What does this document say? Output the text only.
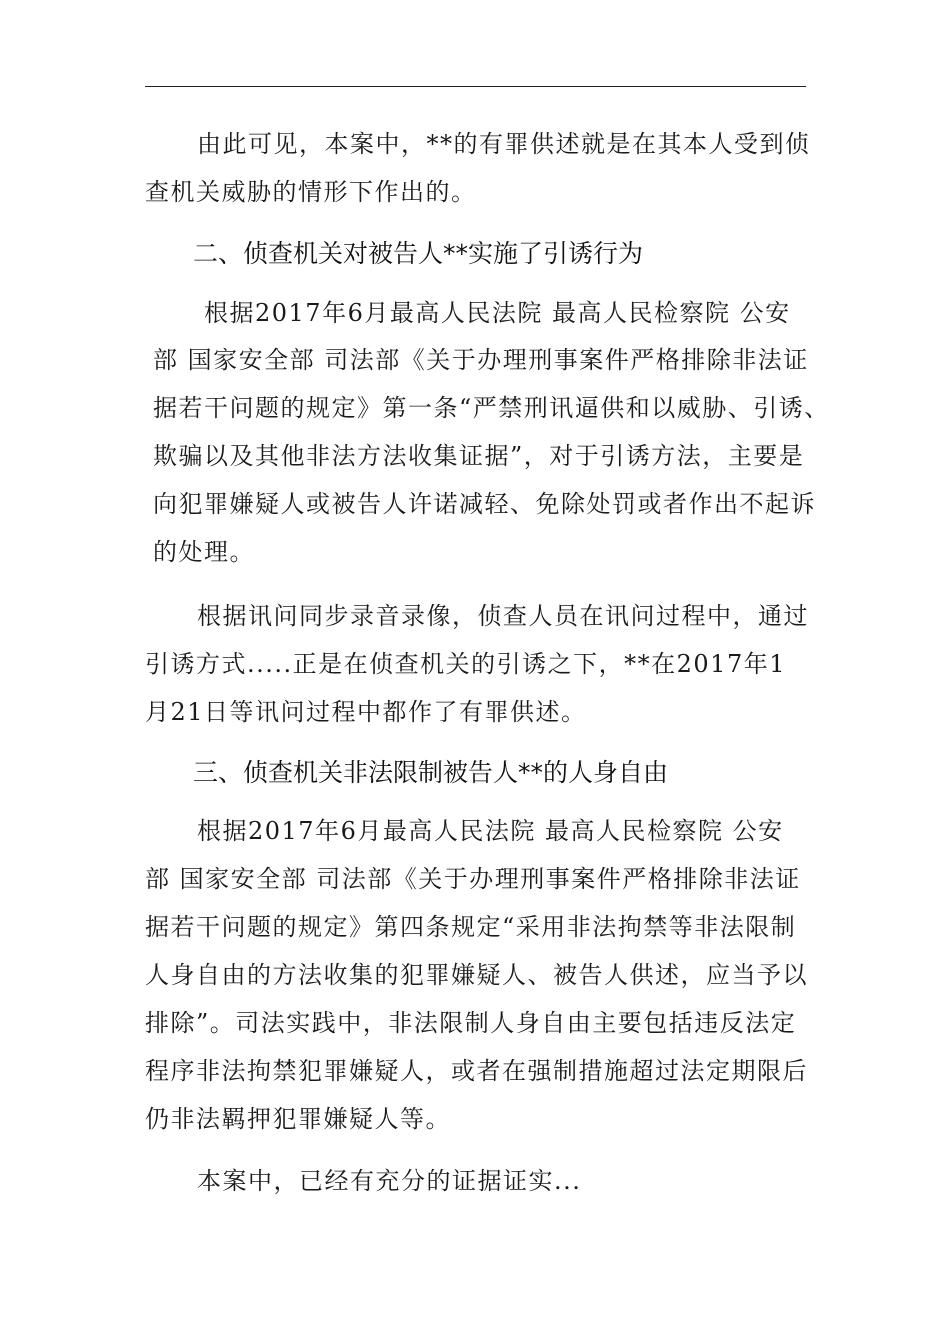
由此可见，本案中，**的有罪供述就是在其本人受到侦
查机关威胁的情形下作出的。
二、侦查机关对被告人**实施了引诱行为
根据2017年6月最高人民法院 最高人民检察院 公安
部 国家安全部 司法部《关于办理刑事案件严格排除非法证
据若干问题的规定》第一条“严禁刑讯逼供和以威胁、引诱、
欺骗以及其他非法方法收集证据”，对于引诱方法，主要是
向犯罪嫌疑人或被告人许诺减轻、免除处罚或者作出不起诉
的处理。
根据讯问同步录音录像，侦查人员在讯问过程中，通过
引诱方式.....正是在侦查机关的引诱之下，**在2017年1
月21日等讯问过程中都作了有罪供述。
三、侦查机关非法限制被告人**的人身自由
根据2017年6月最高人民法院 最高人民检察院 公安
部 国家安全部 司法部《关于办理刑事案件严格排除非法证
据若干问题的规定》第四条规定“采用非法拘禁等非法限制
人身自由的方法收集的犯罪嫌疑人、被告人供述，应当予以
排除”。司法实践中，非法限制人身自由主要包括违反法定
程序非法拘禁犯罪嫌疑人，或者在强制措施超过法定期限后
仍非法羁押犯罪嫌疑人等。
本案中，已经有充分的证据证实...
